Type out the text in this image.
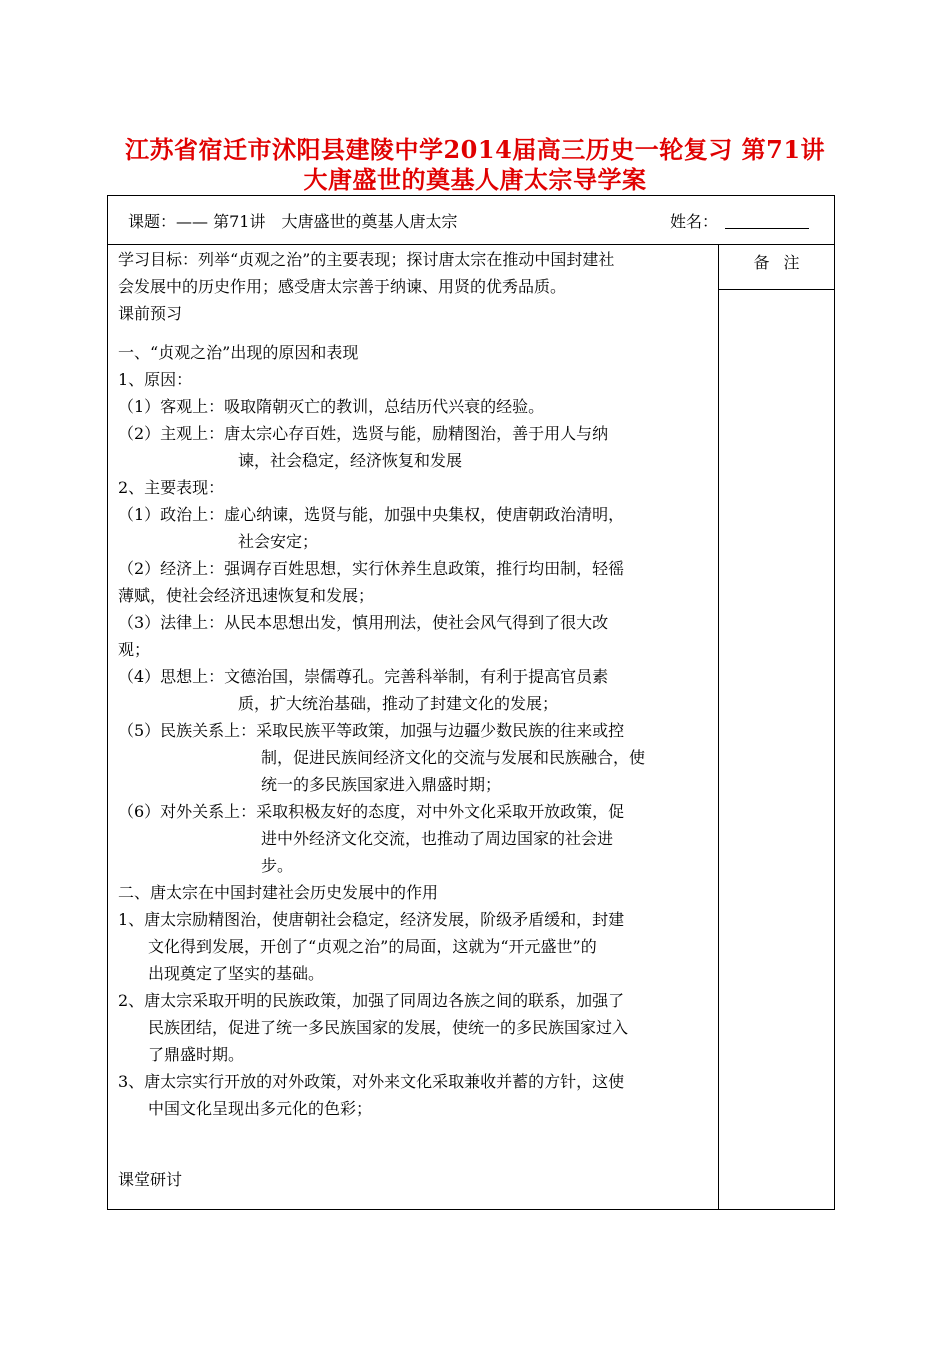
江苏省宿迁市沭阳县建陵中学2014届高三历史一轮复习 第71讲
大唐盛世的奠基人唐太宗导学案
课题：—— 第71讲　大唐盛世的奠基人唐太宗	姓名：
学习目标：列举“贞观之治”的主要表现；探讨唐太宗在推动中国封建社
会发展中的历史作用；感受唐太宗善于纳谏、用贤的优秀品质。
课前预习
一、“贞观之治”出现的原因和表现
1、原因：
（1）客观上：吸取隋朝灭亡的教训，总结历代兴衰的经验。
（2）主观上：唐太宗心存百姓，选贤与能，励精图治，善于用人与纳
谏，社会稳定，经济恢复和发展
2、主要表现：
（1）政治上：虚心纳谏，选贤与能，加强中央集权，使唐朝政治清明，
社会安定；
（2）经济上：强调存百姓思想，实行休养生息政策，推行均田制，轻徭
薄赋，使社会经济迅速恢复和发展；
（3）法律上：从民本思想出发，慎用刑法，使社会风气得到了很大改
观；
（4）思想上：文德治国，崇儒尊孔。完善科举制，有利于提高官员素
质，扩大统治基础，推动了封建文化的发展；
（5）民族关系上：采取民族平等政策，加强与边疆少数民族的往来或控
制，促进民族间经济文化的交流与发展和民族融合，使
统一的多民族国家进入鼎盛时期；
（6）对外关系上：采取积极友好的态度，对中外文化采取开放政策，促
进中外经济文化交流，也推动了周边国家的社会进
步。
二、唐太宗在中国封建社会历史发展中的作用
1、唐太宗励精图治，使唐朝社会稳定，经济发展，阶级矛盾缓和，封建
文化得到发展，开创了“贞观之治”的局面，这就为“开元盛世”的
出现奠定了坚实的基础。
2、唐太宗采取开明的民族政策，加强了同周边各族之间的联系，加强了
民族团结，促进了统一多民族国家的发展，使统一的多民族国家过入
了鼎盛时期。
3、唐太宗实行开放的对外政策，对外来文化采取兼收并蓄的方针，这使
中国文化呈现出多元化的色彩；
课堂研讨
备注
